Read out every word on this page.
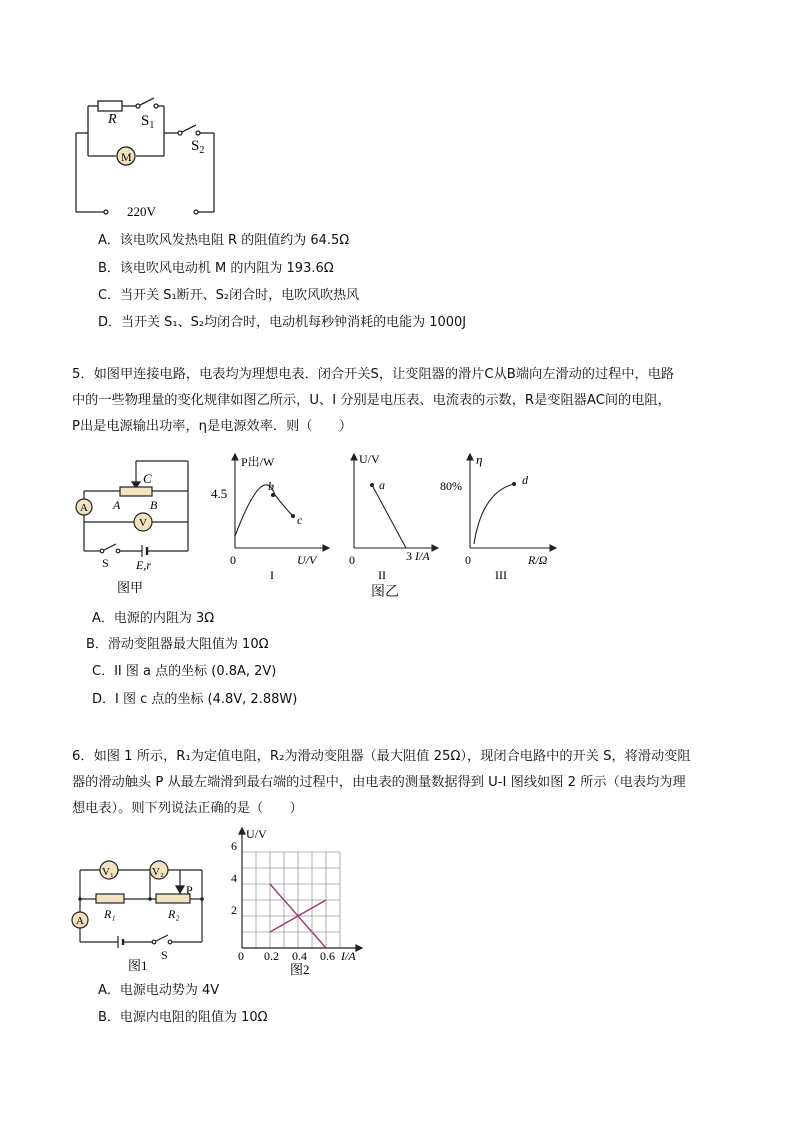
R $S_1$
$S_2$
M
220V
A．该电吹风发热电阻 R 的阻值约为 64.5Ω
B．该电吹风电动机 M 的内阻为 193.6Ω
C．当开关 S₁断开、S₂闭合时，电吹风吹热风
D．当开关 S₁、S₂均闭合时，电动机每秒钟消耗的电能为 1000J
5．如图甲连接电路，电表均为理想电表．闭合开关S，让变阻器的滑片C从B端向左滑动的过程中，电路
中的一些物理量的变化规律如图乙所示，U、I 分别是电压表、电流表的示数，R是变阻器AC间的电阻，
P出是电源输出功率，η是电源效率．则（　　）
C
A B
A
V
S E,r
图甲
P出/W
4.5	b
c
0	U/V
I
U/V
a
0	3 I/A
II
图乙
η
80%	d
0	R/Ω
III
A．电源的内阻为 3Ω
B．滑动变阻器最大阻值为 10Ω
C．II 图 a 点的坐标 (0.8A, 2V)
D．I 图 c 点的坐标 (4.8V, 2.88W)
6．如图 1 所示，R₁为定值电阻，R₂为滑动变阻器（最大阻值 25Ω），现闭合电路中的开关 S，将滑动变阻
器的滑动触头 P 从最左端滑到最右端的过程中，由电表的测量数据得到 U-I 图线如图 2 所示（电表均为理
想电表）。则下列说法正确的是（　　）
V₁	V₂
A
P
R₁	R₂
S
图1
U/V
6
4
2
0 0.2 0.4 0.6 I/A
图2
A．电源电动势为 4V
B．电源内电阻的阻值为 10Ω
